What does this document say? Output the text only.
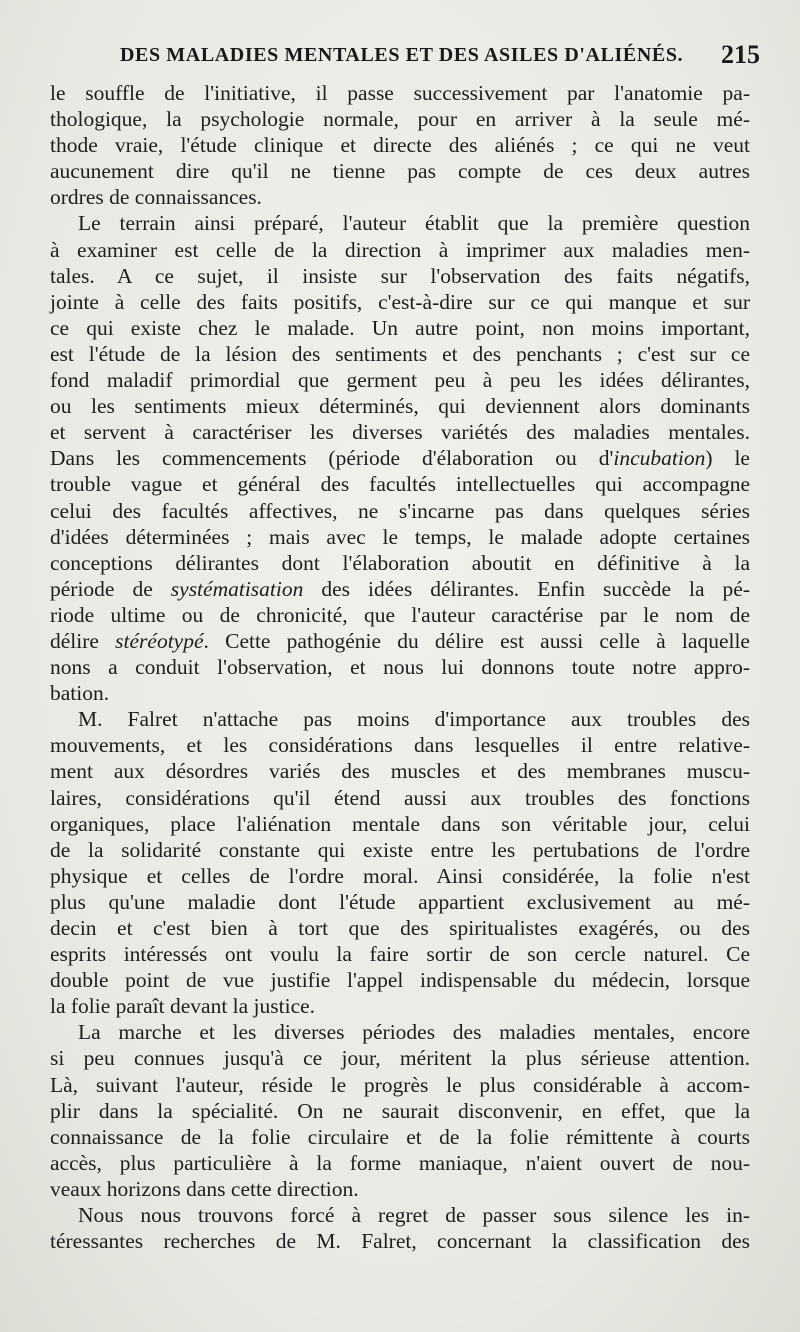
DES MALADIES MENTALES ET DES ASILES D'ALIÉNÉS. 215
le souffle de l'initiative, il passe successivement par l'anatomie pa-
thologique, la psychologie normale, pour en arriver à la seule mé-
thode vraie, l'étude clinique et directe des aliénés ; ce qui ne veut
aucunement dire qu'il ne tienne pas compte de ces deux autres
ordres de connaissances.
Le terrain ainsi préparé, l'auteur établit que la première question
à examiner est celle de la direction à imprimer aux maladies men-
tales. A ce sujet, il insiste sur l'observation des faits négatifs,
jointe à celle des faits positifs, c'est-à-dire sur ce qui manque et sur
ce qui existe chez le malade. Un autre point, non moins important,
est l'étude de la lésion des sentiments et des penchants ; c'est sur ce
fond maladif primordial que germent peu à peu les idées délirantes,
ou les sentiments mieux déterminés, qui deviennent alors dominants
et servent à caractériser les diverses variétés des maladies mentales.
Dans les commencements (période d'élaboration ou d'incubation) le
trouble vague et général des facultés intellectuelles qui accompagne
celui des facultés affectives, ne s'incarne pas dans quelques séries
d'idées déterminées ; mais avec le temps, le malade adopte certaines
conceptions délirantes dont l'élaboration aboutit en définitive à la
période de systématisation des idées délirantes. Enfin succède la pé-
riode ultime ou de chronicité, que l'auteur caractérise par le nom de
délire stéréotypé. Cette pathogénie du délire est aussi celle à laquelle
nons a conduit l'observation, et nous lui donnons toute notre appro-
bation.
M. Falret n'attache pas moins d'importance aux troubles des
mouvements, et les considérations dans lesquelles il entre relative-
ment aux désordres variés des muscles et des membranes muscu-
laires, considérations qu'il étend aussi aux troubles des fonctions
organiques, place l'aliénation mentale dans son véritable jour, celui
de la solidarité constante qui existe entre les pertubations de l'ordre
physique et celles de l'ordre moral. Ainsi considérée, la folie n'est
plus qu'une maladie dont l'étude appartient exclusivement au mé-
decin et c'est bien à tort que des spiritualistes exagérés, ou des
esprits intéressés ont voulu la faire sortir de son cercle naturel. Ce
double point de vue justifie l'appel indispensable du médecin, lorsque
la folie paraît devant la justice.
La marche et les diverses périodes des maladies mentales, encore
si peu connues jusqu'à ce jour, méritent la plus sérieuse attention.
Là, suivant l'auteur, réside le progrès le plus considérable à accom-
plir dans la spécialité. On ne saurait disconvenir, en effet, que la
connaissance de la folie circulaire et de la folie rémittente à courts
accès, plus particulière à la forme maniaque, n'aient ouvert de nou-
veaux horizons dans cette direction.
Nous nous trouvons forcé à regret de passer sous silence les in-
téressantes recherches de M. Falret, concernant la classification des
